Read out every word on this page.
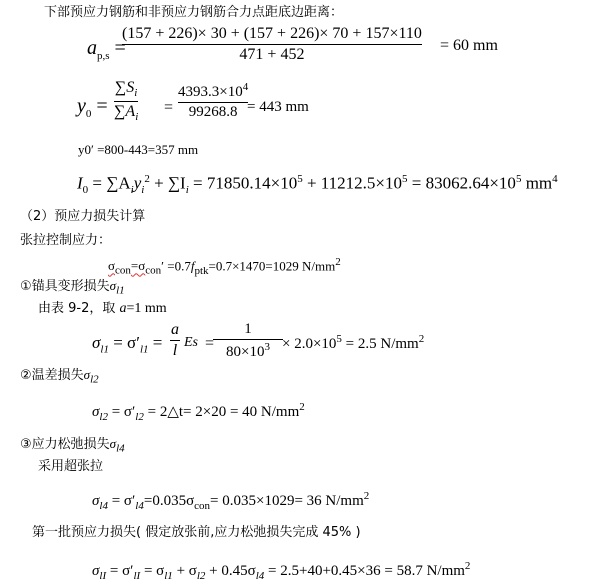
下部预应力钢筋和非预应力钢筋合力点距底边距离：
$a_{p,s}$ =
(157 + 226)× 30 + (157 + 226)× 70 + 157×110
471 + 452
= 60 mm
$y_0$ =
$\sum S_i$
$\sum A_i$
=
$4393.3\times 10^4$
99268.8 = 443 mm
y0′ =800-443=357 mm
$I_0 = \sum A_iy_i^2 + \sum I_i = 71850.14\times 10^5 + 11212.5\times 10^5 = 83062.64\times 10^5$ $mm^4$
（2）预应力损失计算
张拉控制应力：
$\sigma_{con}=\sigma_{con}' =0.7f_{ptk}=0.7\times 1470=1029$ $N/mm^2$
①锚具变形损失$\sigma_{l1}$
由表 9-2，取 a=1 mm
$\sigma_{l1} = \sigma'_{l1}$ =
a
l Es =
1
$80\times 10^3 \times 2.0\times 10^5 = 2.5$ $N/mm^2$
②温差损失$\sigma_{l2}$
$\sigma_{l2} = \sigma'_{l2}$ = 2△t= 2×20 = 40 $N/mm^2$
③应力松弛损失$\sigma_{l4}$
采用超张拉
$\sigma_{l4} = \sigma'_{l4}=0.035\sigma_{con}= 0.035\times 1029= 36$ $N/mm^2$
第一批预应力损失( 假定放张前,应力松弛损失完成 45% )
$\sigma_{lI} = \sigma'_{lI} = \sigma_{l1} + \sigma_{l2} + 0.45\sigma_{l4} = 2.5+40+0.45\times 36 = 58.7$ $N/mm^2$
